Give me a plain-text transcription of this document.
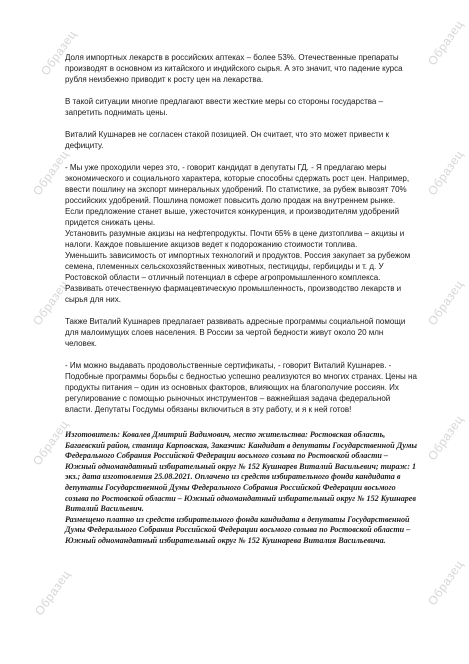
Образец
Образец
Образец
Образец
Образец
Образец
Образец
Образец
Образец
Образец

Доля импортных лекарств в российских аптеках – более 53%. Отечественные препараты производят в основном из китайского и индийского сырья. А это значит, что падение курса рубля неизбежно приводит к росту цен на лекарства.

В такой ситуации многие предлагают ввести жесткие меры со стороны государства – запретить поднимать цены.

Виталий Кушнарев не согласен стакой позицией. Он считает, что это может привести к дефициту.

- Мы уже проходили через это, - говорит кандидат в депутаты ГД. - Я предлагаю меры экономического и социального характера, которые способны сдержать рост цен. Например, ввести пошлину на экспорт минеральных удобрений. По статистике, за рубеж вывозят 70% российских удобрений. Пошлина поможет повысить долю продаж на внутреннем рынке. Если предложение станет выше, ужесточится конкуренция, и производителям удобрений придется снижать цены.
Установить разумные акцизы на нефтепродукты. Почти 65% в цене дизтоплива – акцизы и налоги. Каждое повышение акцизов ведет к подорожанию стоимости топлива.
Уменьшить зависимость от импортных технологий и продуктов. Россия закупает за рубежом семена, племенных сельскохозяйственных животных, пестициды, гербициды и т. д. У Ростовской области – отличный потенциал в сфере агропромышленного комплекса.
Развивать отечественную фармацевтическую промышленность, производство лекарств и сырья для них.

Также Виталий Кушнарев предлагает развивать адресные программы социальной помощи для малоимущих слоев населения. В России за чертой бедности живут около 20 млн человек.

- Им можно выдавать продовольственные сертификаты, - говорит Виталий Кушнарев. - Подобные программы борьбы с бедностью успешно реализуются во многих странах. Цены на продукты питания – один из основных факторов, влияющих на благополучие россиян. Их регулирование с помощью рыночных инструментов – важнейшая задача федеральной власти. Депутаты Госдумы обязаны включиться в эту работу, и я к ней готов!

Изготовитель: Ковалев Дмитрий Вадимович, место жительства: Ростовская область, Багаевский район, станица Карповская, Заказчик: Кандидат в депутаты Государственной Думы Федерального Собрания Российской Федерации восьмого созыва по Ростовской области – Южный одномандатный избирательный округ № 152 Кушнарев Виталий Васильевич; тираж: 1 экз.; дата изготовления 25.08.2021. Оплачено из средств избирательного фонда кандидата в депутаты Государственной Думы Федерального Собрания Российской Федерации восьмого созыва по Ростовской области – Южный одномандатный избирательный округ № 152 Кушнарев Виталий Васильевич.
Размещено платно из средств избирательного фонда кандидата в депутаты Государственной Думы Федерального Собрания Российской Федерации восьмого созыва по Ростовской области – Южный одномандатный избирательный округ № 152 Кушнарева Виталия Васильевича.
